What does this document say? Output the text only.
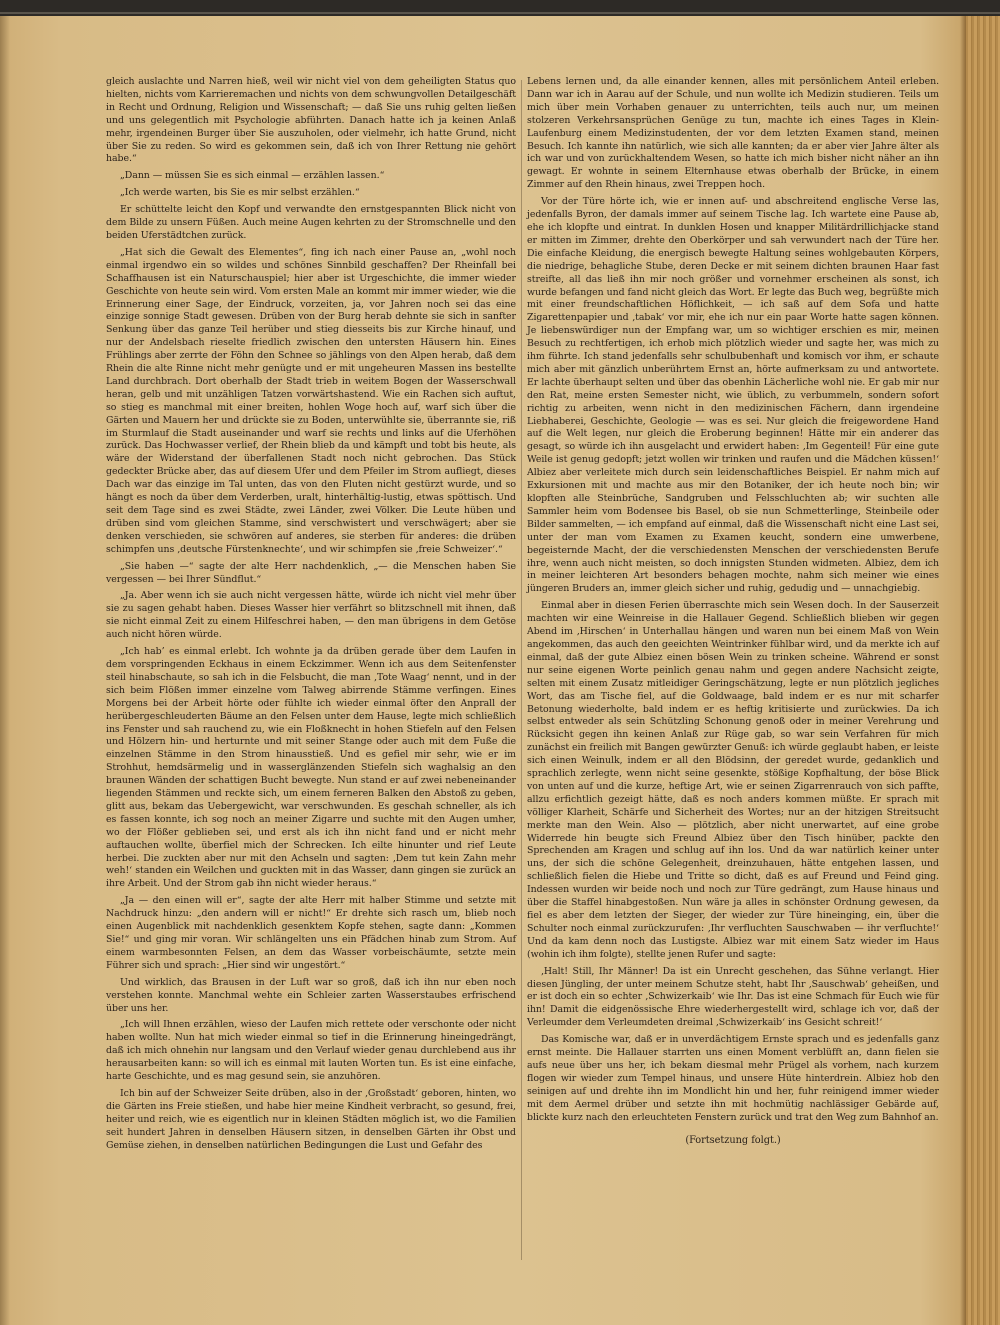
gleich auslachte und Narren hieß, weil wir nicht viel von dem geheiligten Status quo hielten, nichts vom Karrieremachen und nichts von dem schwungvollen Detailgeschäft in Recht und Ordnung, Religion und Wissenschaft; — daß Sie uns ruhig gelten ließen und uns gelegentlich mit Psychologie abführten. Danach hatte ich ja keinen Anlaß mehr, irgendeinen Burger über Sie auszuholen, oder vielmehr, ich hatte Grund, nicht über Sie zu reden. So wird es gekommen sein, daß ich von Ihrer Rettung nie gehört habe.“

„Dann — müssen Sie es sich einmal — erzählen lassen.“

„Ich werde warten, bis Sie es mir selbst erzählen.“

Er schüttelte leicht den Kopf und verwandte den ernstgespannten Blick nicht von dem Bilde zu unsern Füßen. Auch meine Augen kehrten zu der Stromschnelle und den beiden Uferstädtchen zurück.

„Hat sich die Gewalt des Elementes“, fing ich nach einer Pause an, „wohl noch einmal irgendwo ein so wildes und schönes Sinnbild geschaffen? Der Rheinfall bei Schaffhausen ist ein Naturschauspiel; hier aber ist Urgeschichte, die immer wieder Geschichte von heute sein wird. Vom ersten Male an kommt mir immer wieder, wie die Erinnerung einer Sage, der Eindruck, vorzeiten, ja, vor Jahren noch sei das eine einzige sonnige Stadt gewesen. Drüben von der Burg herab dehnte sie sich in sanfter Senkung über das ganze Teil herüber und stieg diesseits bis zur Kirche hinauf, und nur der Andelsbach rieselte friedlich zwischen den untersten Häusern hin. Eines Frühlings aber zerrte der Föhn den Schnee so jählings von den Alpen herab, daß dem Rhein die alte Rinne nicht mehr genügte und er mit ungeheuren Massen ins bestellte Land durchbrach. Dort oberhalb der Stadt trieb in weitem Bogen der Wasserschwall heran, gelb und mit unzähligen Tatzen vorwärtshastend. Wie ein Rachen sich auftut, so stieg es manchmal mit einer breiten, hohlen Woge hoch auf, warf sich über die Gärten und Mauern her und drückte sie zu Boden, unterwühlte sie, überrannte sie, riß im Sturmlauf die Stadt auseinander und warf sie rechts und links auf die Uferhöhen zurück. Das Hochwasser verlief, der Rhein blieb da und kämpft und tobt bis heute, als wäre der Widerstand der überfallenen Stadt noch nicht gebrochen. Das Stück gedeckter Brücke aber, das auf diesem Ufer und dem Pfeiler im Strom aufliegt, dieses Dach war das einzige im Tal unten, das von den Fluten nicht gestürzt wurde, und so hängt es noch da über dem Verderben, uralt, hinterhältig-lustig, etwas spöttisch. Und seit dem Tage sind es zwei Städte, zwei Länder, zwei Völker. Die Leute hüben und drüben sind vom gleichen Stamme, sind verschwistert und verschwägert; aber sie denken verschieden, sie schwören auf anderes, sie sterben für anderes: die drüben schimpfen uns ‚deutsche Fürstenknechte‘, und wir schimpfen sie ‚freie Schweizer‘.“

„Sie haben —“ sagte der alte Herr nachdenklich, „— die Menschen haben Sie vergessen — bei Ihrer Sündflut.“

„Ja. Aber wenn ich sie auch nicht vergessen hätte, würde ich nicht viel mehr über sie zu sagen gehabt haben. Dieses Wasser hier verfährt so blitzschnell mit ihnen, daß sie nicht einmal Zeit zu einem Hilfeschrei haben, — den man übrigens in dem Getöse auch nicht hören würde.

„Ich hab’ es einmal erlebt. Ich wohnte ja da drüben gerade über dem Laufen in dem vorspringenden Eckhaus in einem Eckzimmer. Wenn ich aus dem Seitenfenster steil hinabschaute, so sah ich in die Felsbucht, die man ‚Tote Waag‘ nennt, und in der sich beim Flößen immer einzelne vom Talweg abirrende Stämme verfingen. Eines Morgens bei der Arbeit hörte oder fühlte ich wieder einmal öfter den Anprall der herübergeschleuderten Bäume an den Felsen unter dem Hause, legte mich schließlich ins Fenster und sah rauchend zu, wie ein Floßknecht in hohen Stiefeln auf den Felsen und Hölzern hin- und herturnte und mit seiner Stange oder auch mit dem Fuße die einzelnen Stämme in den Strom hinausstieß. Und es gefiel mir sehr, wie er im Strohhut, hemdsärmelig und in wasserglänzenden Stiefeln sich waghalsig an den braunen Wänden der schattigen Bucht bewegte. Nun stand er auf zwei nebeneinander liegenden Stämmen und reckte sich, um einem ferneren Balken den Abstoß zu geben, glitt aus, bekam das Uebergewicht, war verschwunden. Es geschah schneller, als ich es fassen konnte, ich sog noch an meiner Zigarre und suchte mit den Augen umher, wo der Flößer geblieben sei, und erst als ich ihn nicht fand und er nicht mehr auftauchen wollte, überfiel mich der Schrecken. Ich eilte hinunter und rief Leute herbei. Die zuckten aber nur mit den Achseln und sagten: ‚Dem tut kein Zahn mehr weh!‘ standen ein Weilchen und guckten mit in das Wasser, dann gingen sie zurück an ihre Arbeit. Und der Strom gab ihn nicht wieder heraus.“

„Ja — den einen will er“, sagte der alte Herr mit halber Stimme und setzte mit Nachdruck hinzu: „den andern will er nicht!“ Er drehte sich rasch um, blieb noch einen Augenblick mit nachdenklich gesenktem Kopfe stehen, sagte dann: „Kommen Sie!“ und ging mir voran. Wir schlängelten uns ein Pfädchen hinab zum Strom. Auf einem warmbesonnten Felsen, an dem das Wasser vorbeischäumte, setzte mein Führer sich und sprach: „Hier sind wir ungestört.“

Und wirklich, das Brausen in der Luft war so groß, daß ich ihn nur eben noch verstehen konnte. Manchmal wehte ein Schleier zarten Wasserstaubes erfrischend über uns her.

„Ich will Ihnen erzählen, wieso der Laufen mich rettete oder verschonte oder nicht haben wollte. Nun hat mich wieder einmal so tief in die Erinnerung hineingedrängt, daß ich mich ohnehin nur langsam und den Verlauf wieder genau durchlebend aus ihr herausarbeiten kann: so will ich es einmal mit lauten Worten tun. Es ist eine einfache, harte Geschichte, und es mag gesund sein, sie anzuhören.

Ich bin auf der Schweizer Seite drüben, also in der ‚Großstadt‘ geboren, hinten, wo die Gärten ins Freie stießen, und habe hier meine Kindheit verbracht, so gesund, frei, heiter und reich, wie es eigentlich nur in kleinen Städten möglich ist, wo die Familien seit hundert Jahren in denselben Häusern sitzen, in denselben Gärten ihr Obst und Gemüse ziehen, in denselben natürlichen Bedingungen die Lust und Gefahr des

Lebens lernen und, da alle einander kennen, alles mit persönlichem Anteil erleben. Dann war ich in Aarau auf der Schule, und nun wollte ich Medizin studieren. Teils um mich über mein Vorhaben genauer zu unterrichten, teils auch nur, um meinen stolzeren Verkehrsansprüchen Genüge zu tun, machte ich eines Tages in Klein-Laufenburg einem Medizinstudenten, der vor dem letzten Examen stand, meinen Besuch. Ich kannte ihn natürlich, wie sich alle kannten; da er aber vier Jahre älter als ich war und von zurückhaltendem Wesen, so hatte ich mich bisher nicht näher an ihn gewagt. Er wohnte in seinem Elternhause etwas oberhalb der Brücke, in einem Zimmer auf den Rhein hinaus, zwei Treppen hoch.

Vor der Türe hörte ich, wie er innen auf- und abschreitend englische Verse las, jedenfalls Byron, der damals immer auf seinem Tische lag. Ich wartete eine Pause ab, ehe ich klopfte und eintrat. In dunklen Hosen und knapper Militärdrillichjacke stand er mitten im Zimmer, drehte den Oberkörper und sah verwundert nach der Türe her. Die einfache Kleidung, die energisch bewegte Haltung seines wohlgebauten Körpers, die niedrige, behagliche Stube, deren Decke er mit seinem dichten braunen Haar fast streifte, all das ließ ihn mir noch größer und vornehmer erscheinen als sonst, ich wurde befangen und fand nicht gleich das Wort. Er legte das Buch weg, begrüßte mich mit einer freundschaftlichen Höflichkeit, — ich saß auf dem Sofa und hatte Zigarettenpapier und ‚tabak‘ vor mir, ehe ich nur ein paar Worte hatte sagen können. Je liebenswürdiger nun der Empfang war, um so wichtiger erschien es mir, meinen Besuch zu rechtfertigen, ich erhob mich plötzlich wieder und sagte her, was mich zu ihm führte. Ich stand jedenfalls sehr schulbubenhaft und komisch vor ihm, er schaute mich aber mit gänzlich unberührtem Ernst an, hörte aufmerksam zu und antwortete. Er lachte überhaupt selten und über das obenhin Lächerliche wohl nie. Er gab mir nur den Rat, meine ersten Semester nicht, wie üblich, zu verbummeln, sondern sofort richtig zu arbeiten, wenn nicht in den medizinischen Fächern, dann irgendeine Liebhaberei, Geschichte, Geologie — was es sei. Nur gleich die freigewordene Hand auf die Welt legen, nur gleich die Eroberung beginnen! Hätte mir ein anderer das gesagt, so würde ich ihn ausgelacht und erwidert haben: ‚Im Gegenteil! Für eine gute Weile ist genug gedopft; jetzt wollen wir trinken und raufen und die Mädchen küssen!‘ Albiez aber verleitete mich durch sein leidenschaftliches Beispiel. Er nahm mich auf Exkursionen mit und machte aus mir den Botaniker, der ich heute noch bin; wir klopften alle Steinbrüche, Sandgruben und Felsschluchten ab; wir suchten alle Sammler heim vom Bodensee bis Basel, ob sie nun Schmetterlinge, Steinbeile oder Bilder sammelten, — ich empfand auf einmal, daß die Wissenschaft nicht eine Last sei, unter der man vom Examen zu Examen keucht, sondern eine umwerbene, begeisternde Macht, der die verschiedensten Menschen der verschiedensten Berufe ihre, wenn auch nicht meisten, so doch innigsten Stunden widmeten. Albiez, dem ich in meiner leichteren Art besonders behagen mochte, nahm sich meiner wie eines jüngeren Bruders an, immer gleich sicher und ruhig, gedudig und — unnachgiebig.

Einmal aber in diesen Ferien überraschte mich sein Wesen doch. In der Sauserzeit machten wir eine Weinreise in die Hallauer Gegend. Schließlich blieben wir gegen Abend im ‚Hirschen‘ in Unterhallau hängen und waren nun bei einem Maß von Wein angekommen, das auch den geeichten Weintrinker fühlbar wird, und da merkte ich auf einmal, daß der gute Albiez einen bösen Wein zu trinken scheine. Während er sonst nur seine eigenen Worte peinlich genau nahm und gegen andere Nachsicht zeigte, selten mit einem Zusatz mitleidiger Geringschätzung, legte er nun plötzlich jegliches Wort, das am Tische fiel, auf die Goldwaage, bald indem er es nur mit scharfer Betonung wiederholte, bald indem er es heftig kritisierte und zurückwies. Da ich selbst entweder als sein Schützling Schonung genoß oder in meiner Verehrung und Rücksicht gegen ihn keinen Anlaß zur Rüge gab, so war sein Verfahren für mich zunächst ein freilich mit Bangen gewürzter Genuß: ich würde geglaubt haben, er leiste sich einen Weinulk, indem er all den Blödsinn, der geredet wurde, gedanklich und sprachlich zerlegte, wenn nicht seine gesenkte, stößige Kopfhaltung, der böse Blick von unten auf und die kurze, heftige Art, wie er seinen Zigarrenrauch von sich paffte, allzu erfichtlich gezeigt hätte, daß es noch anders kommen müßte. Er sprach mit völliger Klarheit, Schärfe und Sicherheit des Wortes; nur an der hitzigen Streitsucht merkte man den Wein. Also — plötzlich, aber nicht unerwartet, auf eine grobe Widerrede hin beugte sich Freund Albiez über den Tisch hinüber, packte den Sprechenden am Kragen und schlug auf ihn los. Und da war natürlich keiner unter uns, der sich die schöne Gelegenheit, dreinzuhauen, hätte entgehen lassen, und schließlich fielen die Hiebe und Tritte so dicht, daß es auf Freund und Feind ging. Indessen wurden wir beide noch und noch zur Türe gedrängt, zum Hause hinaus und über die Staffel hinabgestoßen. Nun wäre ja alles in schönster Ordnung gewesen, da fiel es aber dem letzten der Sieger, der wieder zur Türe hineinging, ein, über die Schulter noch einmal zurückzurufen: ‚Ihr verfluchten Sauschwaben — ihr verfluchte!‘ Und da kam denn noch das Lustigste. Albiez war mit einem Satz wieder im Haus (wohin ich ihm folgte), stellte jenen Rufer und sagte:

‚Halt! Still, Ihr Männer! Da ist ein Unrecht geschehen, das Sühne verlangt. Hier diesen Jüngling, der unter meinem Schutze steht, habt Ihr ‚Sauschwab‘ geheißen, und er ist doch ein so echter ‚Schwizerkaib‘ wie Ihr. Das ist eine Schmach für Euch wie für ihn! Damit die eidgenössische Ehre wiederhergestellt wird, schlage ich vor, daß der Verleumder dem Verleumdeten dreimal ‚Schwizerkaib‘ ins Gesicht schreit!‘

Das Komische war, daß er in unverdächtigem Ernste sprach und es jedenfalls ganz ernst meinte. Die Hallauer starrten uns einen Moment verblüfft an, dann fielen sie aufs neue über uns her, ich bekam diesmal mehr Prügel als vorhem, nach kurzem flogen wir wieder zum Tempel hinaus, und unsere Hüte hinterdrein. Albiez hob den seinigen auf und drehte ihn im Mondlicht hin und her, fuhr reinigend immer wieder mit dem Aermel drüber und setzte ihn mit hochmütig nachlässiger Gebärde auf, blickte kurz nach den erleuchteten Fenstern zurück und trat den Weg zum Bahnhof an.

(Fortsetzung folgt.)
